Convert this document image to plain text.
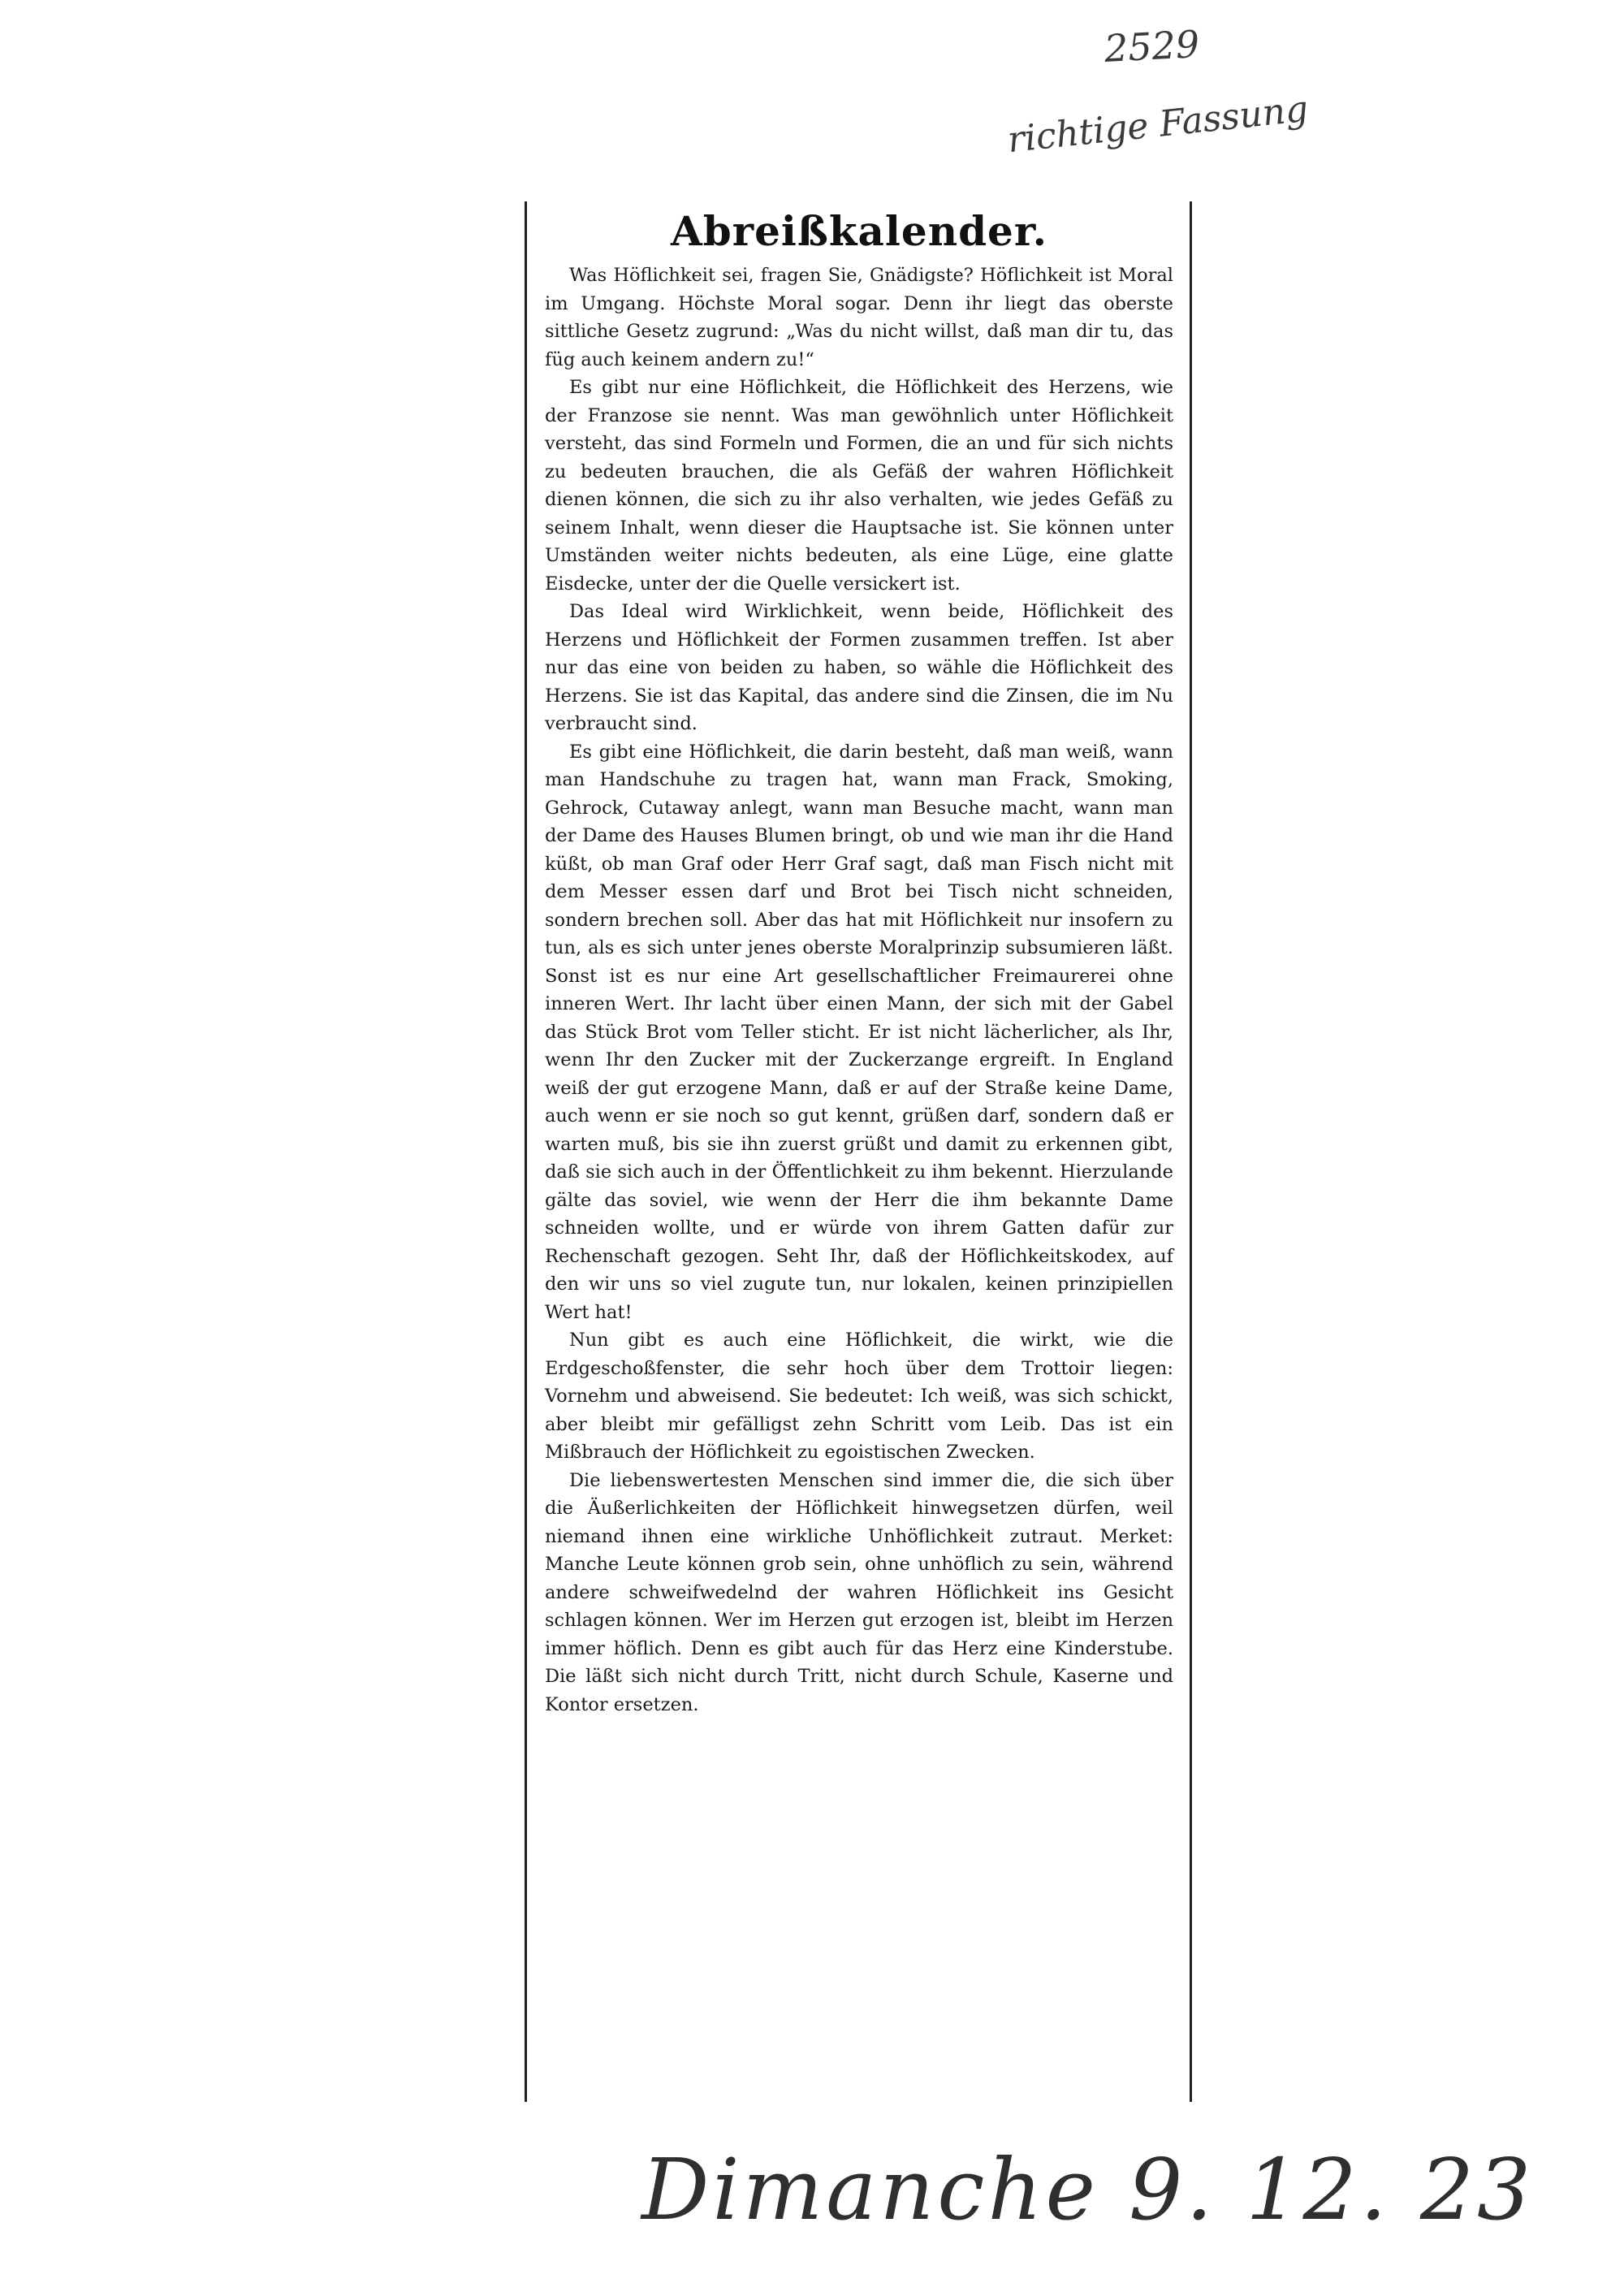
2529
richtige Fassung
Abreißkalender.

Was Höflichkeit sei, fragen Sie, Gnädigste? Höflichkeit ist Moral im Umgang. Höchste Moral sogar. Denn ihr liegt das oberste sittliche Gesetz zugrund: „Was du nicht willst, daß man dir tu, das füg auch keinem andern zu!“

Es gibt nur eine Höflichkeit, die Höflichkeit des Herzens, wie der Franzose sie nennt. Was man gewöhnlich unter Höflichkeit versteht, das sind Formeln und Formen, die an und für sich nichts zu bedeuten brauchen, die als Gefäß der wahren Höflichkeit dienen können, die sich zu ihr also verhalten, wie jedes Gefäß zu seinem Inhalt, wenn dieser die Hauptsache ist. Sie können unter Umständen weiter nichts bedeuten, als eine Lüge, eine glatte Eisdecke, unter der die Quelle versickert ist.

Das Ideal wird Wirklichkeit, wenn beide, Höflichkeit des Herzens und Höflichkeit der Formen zusammen treffen. Ist aber nur das eine von beiden zu haben, so wähle die Höflichkeit des Herzens. Sie ist das Kapital, das andere sind die Zinsen, die im Nu verbraucht sind.

Es gibt eine Höflichkeit, die darin besteht, daß man weiß, wann man Handschuhe zu tragen hat, wann man Frack, Smoking, Gehrock, Cutaway anlegt, wann man Besuche macht, wann man der Dame des Hauses Blumen bringt, ob und wie man ihr die Hand küßt, ob man Graf oder Herr Graf sagt, daß man Fisch nicht mit dem Messer essen darf und Brot bei Tisch nicht schneiden, sondern brechen soll. Aber das hat mit Höflichkeit nur insofern zu tun, als es sich unter jenes oberste Moralprinzip subsumieren läßt. Sonst ist es nur eine Art gesellschaftlicher Freimaurerei ohne inneren Wert. Ihr lacht über einen Mann, der sich mit der Gabel das Stück Brot vom Teller sticht. Er ist nicht lächerlicher, als Ihr, wenn Ihr den Zucker mit der Zuckerzange ergreift. In England weiß der gut erzogene Mann, daß er auf der Straße keine Dame, auch wenn er sie noch so gut kennt, grüßen darf, sondern daß er warten muß, bis sie ihn zuerst grüßt und damit zu erkennen gibt, daß sie sich auch in der Öffentlichkeit zu ihm bekennt. Hierzulande gälte das soviel, wie wenn der Herr die ihm bekannte Dame schneiden wollte, und er würde von ihrem Gatten dafür zur Rechenschaft gezogen. Seht Ihr, daß der Höflichkeitskodex, auf den wir uns so viel zugute tun, nur lokalen, keinen prinzipiellen Wert hat!

Nun gibt es auch eine Höflichkeit, die wirkt, wie die Erdgeschoßfenster, die sehr hoch über dem Trottoir liegen: Vornehm und abweisend. Sie bedeutet: Ich weiß, was sich schickt, aber bleibt mir gefälligst zehn Schritt vom Leib. Das ist ein Mißbrauch der Höflichkeit zu egoistischen Zwecken.

Die liebenswertesten Menschen sind immer die, die sich über die Äußerlichkeiten der Höflichkeit hinwegsetzen dürfen, weil niemand ihnen eine wirkliche Unhöflichkeit zutraut. Merket: Manche Leute können grob sein, ohne unhöflich zu sein, während andere schweifwedelnd der wahren Höflichkeit ins Gesicht schlagen können. Wer im Herzen gut erzogen ist, bleibt im Herzen immer höflich. Denn es gibt auch für das Herz eine Kinderstube. Die läßt sich nicht durch Tritt, nicht durch Schule, Kaserne und Kontor ersetzen.

Dimanche 9. 12. 23
